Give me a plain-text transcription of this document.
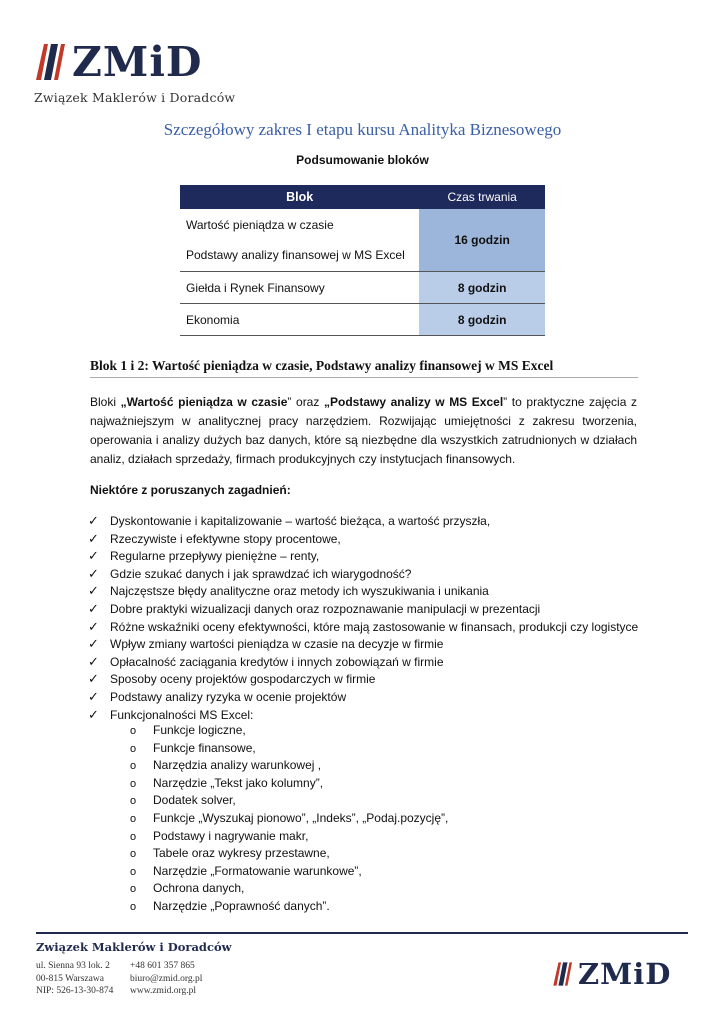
ZMiD
Związek Maklerów i Doradców
Szczegółowy zakres I etapu kursu Analityka Biznesowego
Podsumowanie bloków
Blok	Czas trwania

Wartość pieniądza w czasie
Podstawy analizy finansowej w MS Excel	16 godzin
Giełda i Rynek Finansowy	8 godzin
Ekonomia	8 godzin
Blok 1 i 2: Wartość pieniądza w czasie, Podstawy analizy finansowej w MS Excel
Bloki „Wartość pieniądza w czasie” oraz „Podstawy analizy w MS Excel” to praktyczne zajęcia z najważniejszym w analitycznej pracy narzędziem. Rozwijając umiejętności z zakresu tworzenia, operowania i analizy dużych baz danych, które są niezbędne dla wszystkich zatrudnionych w działach analiz, działach sprzedaży, firmach produkcyjnych czy instytucjach finansowych.
Niektóre z poruszanych zagadnień:
✓ Dyskontowanie i kapitalizowanie – wartość bieżąca, a wartość przyszła,
✓ Rzeczywiste i efektywne stopy procentowe,
✓ Regularne przepływy pieniężne – renty,
✓ Gdzie szukać danych i jak sprawdzać ich wiarygodność?
✓ Najczęstsze błędy analityczne oraz metody ich wyszukiwania i unikania
✓ Dobre praktyki wizualizacji danych oraz rozpoznawanie manipulacji w prezentacji
✓ Różne wskaźniki oceny efektywności, które mają zastosowanie w finansach, produkcji czy logistyce
✓ Wpływ zmiany wartości pieniądza w czasie na decyzje w firmie
✓ Opłacalność zaciągania kredytów i innych zobowiązań w firmie
✓ Sposoby oceny projektów gospodarczych w firmie
✓ Podstawy analizy ryzyka w ocenie projektów
✓ Funkcjonalności MS Excel:
o Funkcje logiczne,
o Funkcje finansowe,
o Narzędzia analizy warunkowej ,
o Narzędzie „Tekst jako kolumny”,
o Dodatek solver,
o Funkcje „Wyszukaj pionowo”, „Indeks”, „Podaj.pozycję”,
o Podstawy i nagrywanie makr,
o Tabele oraz wykresy przestawne,
o Narzędzie „Formatowanie warunkowe”,
o Ochrona danych,
o Narzędzie „Poprawność danych”.
Związek Maklerów i Doradców
ul. Sienna 93 lok. 2
00-815 Warszawa
NIP: 526-13-30-874
+48 601 357 865
biuro@zmid.org.pl
www.zmid.org.pl	ZMiD
